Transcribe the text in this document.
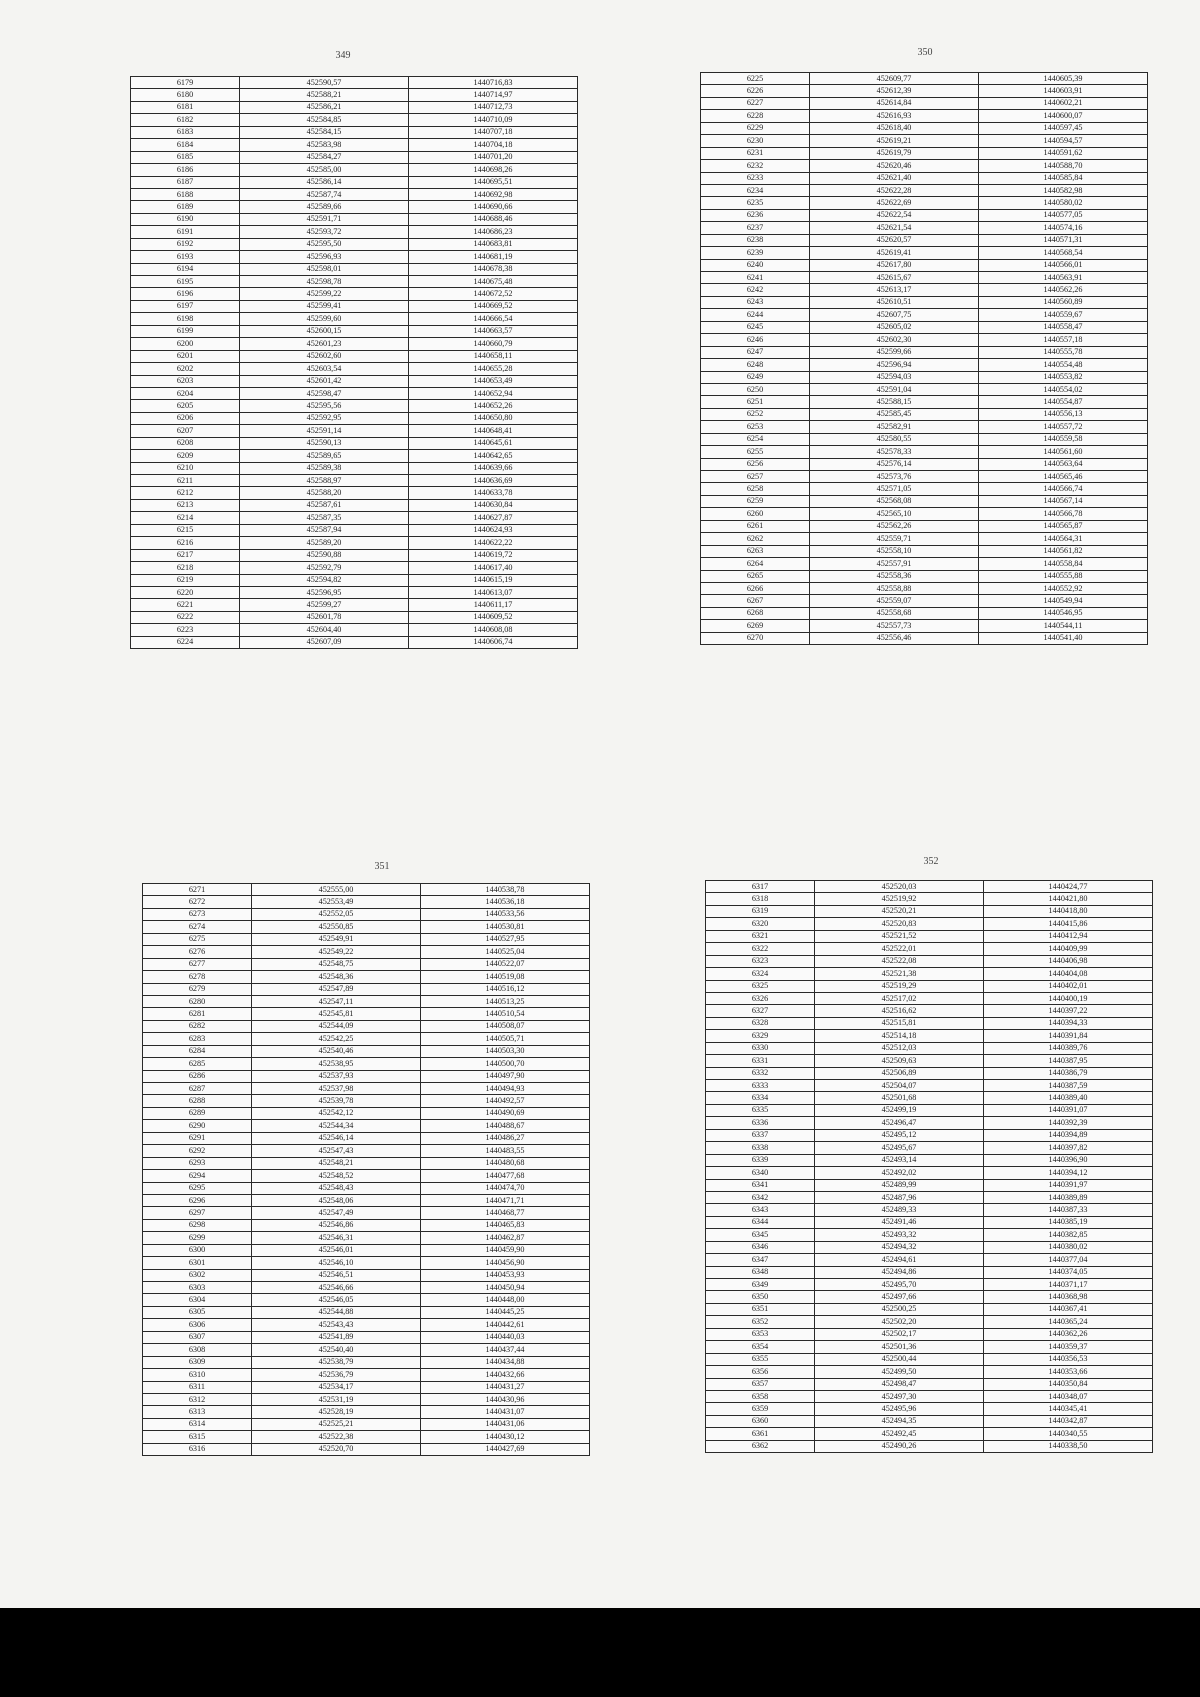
349
6179	452590,57	1440716,83
6180	452588,21	1440714,97
6181	452586,21	1440712,73
6182	452584,85	1440710,09
6183	452584,15	1440707,18
6184	452583,98	1440704,18
6185	452584,27	1440701,20
6186	452585,00	1440698,26
6187	452586,14	1440695,51
6188	452587,74	1440692,98
6189	452589,66	1440690,66
6190	452591,71	1440688,46
6191	452593,72	1440686,23
6192	452595,50	1440683,81
6193	452596,93	1440681,19
6194	452598,01	1440678,38
6195	452598,78	1440675,48
6196	452599,22	1440672,52
6197	452599,41	1440669,52
6198	452599,60	1440666,54
6199	452600,15	1440663,57
6200	452601,23	1440660,79
6201	452602,60	1440658,11
6202	452603,54	1440655,28
6203	452601,42	1440653,49
6204	452598,47	1440652,94
6205	452595,56	1440652,26
6206	452592,95	1440650,80
6207	452591,14	1440648,41
6208	452590,13	1440645,61
6209	452589,65	1440642,65
6210	452589,38	1440639,66
6211	452588,97	1440636,69
6212	452588,20	1440633,78
6213	452587,61	1440630,84
6214	452587,35	1440627,87
6215	452587,94	1440624,93
6216	452589,20	1440622,22
6217	452590,88	1440619,72
6218	452592,79	1440617,40
6219	452594,82	1440615,19
6220	452596,95	1440613,07
6221	452599,27	1440611,17
6222	452601,78	1440609,52
6223	452604,40	1440608,08
6224	452607,09	1440606,74
350
6225	452609,77	1440605,39
6226	452612,39	1440603,91
6227	452614,84	1440602,21
6228	452616,93	1440600,07
6229	452618,40	1440597,45
6230	452619,21	1440594,57
6231	452619,79	1440591,62
6232	452620,46	1440588,70
6233	452621,40	1440585,84
6234	452622,28	1440582,98
6235	452622,69	1440580,02
6236	452622,54	1440577,05
6237	452621,54	1440574,16
6238	452620,57	1440571,31
6239	452619,41	1440568,54
6240	452617,80	1440566,01
6241	452615,67	1440563,91
6242	452613,17	1440562,26
6243	452610,51	1440560,89
6244	452607,75	1440559,67
6245	452605,02	1440558,47
6246	452602,30	1440557,18
6247	452599,66	1440555,78
6248	452596,94	1440554,48
6249	452594,03	1440553,82
6250	452591,04	1440554,02
6251	452588,15	1440554,87
6252	452585,45	1440556,13
6253	452582,91	1440557,72
6254	452580,55	1440559,58
6255	452578,33	1440561,60
6256	452576,14	1440563,64
6257	452573,76	1440565,46
6258	452571,05	1440566,74
6259	452568,08	1440567,14
6260	452565,10	1440566,78
6261	452562,26	1440565,87
6262	452559,71	1440564,31
6263	452558,10	1440561,82
6264	452557,91	1440558,84
6265	452558,36	1440555,88
6266	452558,88	1440552,92
6267	452559,07	1440549,94
6268	452558,68	1440546,95
6269	452557,73	1440544,11
6270	452556,46	1440541,40
351
6271	452555,00	1440538,78
6272	452553,49	1440536,18
6273	452552,05	1440533,56
6274	452550,85	1440530,81
6275	452549,91	1440527,95
6276	452549,22	1440525,04
6277	452548,75	1440522,07
6278	452548,36	1440519,08
6279	452547,89	1440516,12
6280	452547,11	1440513,25
6281	452545,81	1440510,54
6282	452544,09	1440508,07
6283	452542,25	1440505,71
6284	452540,46	1440503,30
6285	452538,95	1440500,70
6286	452537,93	1440497,90
6287	452537,98	1440494,93
6288	452539,78	1440492,57
6289	452542,12	1440490,69
6290	452544,34	1440488,67
6291	452546,14	1440486,27
6292	452547,43	1440483,55
6293	452548,21	1440480,68
6294	452548,52	1440477,68
6295	452548,43	1440474,70
6296	452548,06	1440471,71
6297	452547,49	1440468,77
6298	452546,86	1440465,83
6299	452546,31	1440462,87
6300	452546,01	1440459,90
6301	452546,10	1440456,90
6302	452546,51	1440453,93
6303	452546,66	1440450,94
6304	452546,05	1440448,00
6305	452544,88	1440445,25
6306	452543,43	1440442,61
6307	452541,89	1440440,03
6308	452540,40	1440437,44
6309	452538,79	1440434,88
6310	452536,79	1440432,66
6311	452534,17	1440431,27
6312	452531,19	1440430,96
6313	452528,19	1440431,07
6314	452525,21	1440431,06
6315	452522,38	1440430,12
6316	452520,70	1440427,69
352
6317	452520,03	1440424,77
6318	452519,92	1440421,80
6319	452520,21	1440418,80
6320	452520,83	1440415,86
6321	452521,52	1440412,94
6322	452522,01	1440409,99
6323	452522,08	1440406,98
6324	452521,38	1440404,08
6325	452519,29	1440402,01
6326	452517,02	1440400,19
6327	452516,62	1440397,22
6328	452515,81	1440394,33
6329	452514,18	1440391,84
6330	452512,03	1440389,76
6331	452509,63	1440387,95
6332	452506,89	1440386,79
6333	452504,07	1440387,59
6334	452501,68	1440389,40
6335	452499,19	1440391,07
6336	452496,47	1440392,39
6337	452495,12	1440394,89
6338	452495,67	1440397,82
6339	452493,14	1440396,90
6340	452492,02	1440394,12
6341	452489,99	1440391,97
6342	452487,96	1440389,89
6343	452489,33	1440387,33
6344	452491,46	1440385,19
6345	452493,32	1440382,85
6346	452494,32	1440380,02
6347	452494,61	1440377,04
6348	452494,86	1440374,05
6349	452495,70	1440371,17
6350	452497,66	1440368,98
6351	452500,25	1440367,41
6352	452502,20	1440365,24
6353	452502,17	1440362,26
6354	452501,36	1440359,37
6355	452500,44	1440356,53
6356	452499,50	1440353,66
6357	452498,47	1440350,84
6358	452497,30	1440348,07
6359	452495,96	1440345,41
6360	452494,35	1440342,87
6361	452492,45	1440340,55
6362	452490,26	1440338,50
